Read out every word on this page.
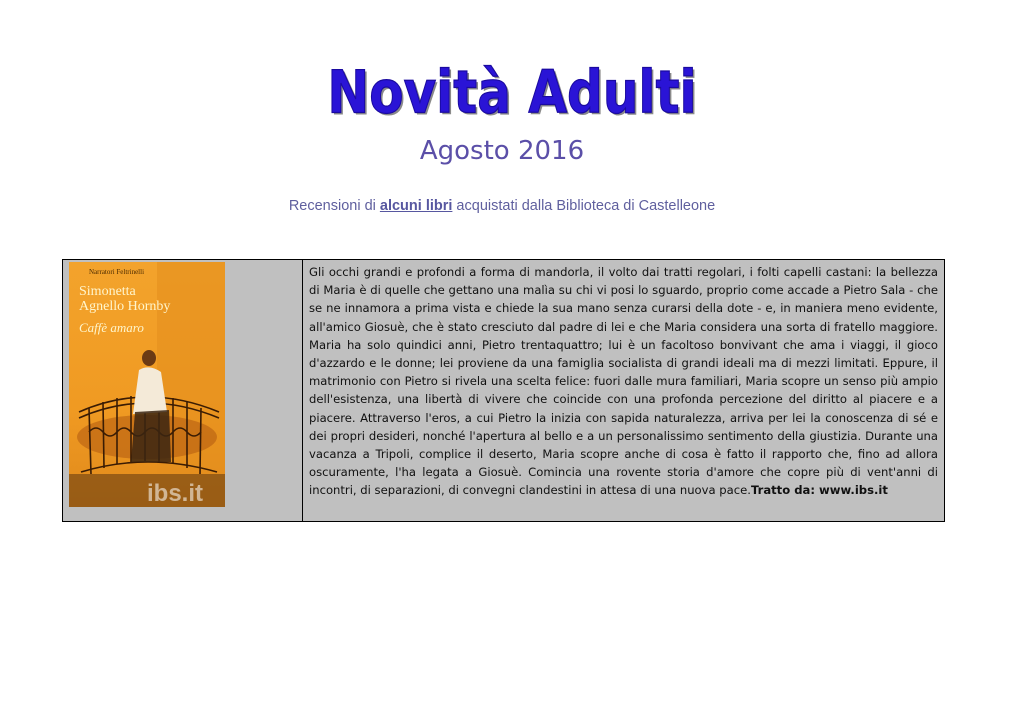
Novità Adulti
Agosto 2016
Recensioni di alcuni libri acquistati dalla Biblioteca di Castelleone
Narratori Feltrinelli
Simonetta
Agnello Hornby
Caffè amaro
ibs.it
	Gli occhi grandi e profondi a forma di mandorla, il volto dai tratti regolari, i folti capelli castani: la bellezza di Maria è di quelle che gettano una malìa su chi vi posi lo sguardo, proprio come accade a Pietro Sala - che se ne innamora a prima vista e chiede la sua mano senza curarsi della dote - e, in maniera meno evidente, all'amico Giosuè, che è stato cresciuto dal padre di lei e che Maria considera una sorta di fratello maggiore. Maria ha solo quindici anni, Pietro trentaquattro; lui è un facoltoso bonvivant che ama i viaggi, il gioco d'azzardo e le donne; lei proviene da una famiglia socialista di grandi ideali ma di mezzi limitati. Eppure, il matrimonio con Pietro si rivela una scelta felice: fuori dalle mura familiari, Maria scopre un senso più ampio dell'esistenza, una libertà di vivere che coincide con una profonda percezione del diritto al piacere e a piacere. Attraverso l'eros, a cui Pietro la inizia con sapida naturalezza, arriva per lei la conoscenza di sé e dei propri desideri, nonché l'apertura al bello e a un personalissimo sentimento della giustizia. Durante una vacanza a Tripoli, complice il deserto, Maria scopre anche di cosa è fatto il rapporto che, fino ad allora oscuramente, l'ha legata a Giosuè. Comincia una rovente storia d'amore che copre più di vent'anni di incontri, di separazioni, di convegni clandestini in attesa di una nuova pace.Tratto da: www.ibs.it
